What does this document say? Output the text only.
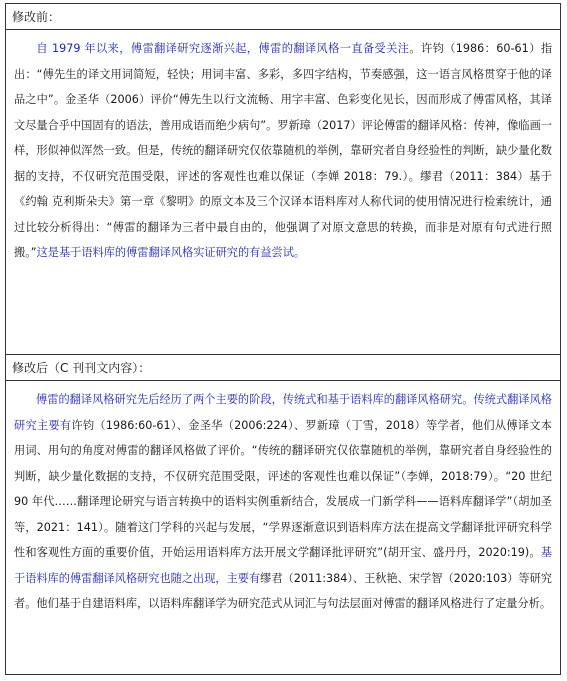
修改前：
自 1979 年以来，傅雷翻译研究逐渐兴起，傅雷的翻译风格一直备受关注。许钧（1986：60-61）指出：“傅先生的译文用词简短，轻快；用词丰富、多彩，多四字结构，节奏感强，这一语言风格贯穿于他的译品之中”。金圣华（2006）评价“傅先生以行文流畅、用字丰富、色彩变化见长，因而形成了傅雷风格，其译文尽量合乎中国固有的语法，善用成语而绝少病句”。罗新璋（2017）评论傅雷的翻译风格：传神，像临画一样，形似神似浑然一致。但是，传统的翻译研究仅依靠随机的举例，靠研究者自身经验性的判断，缺少量化数据的支持，不仅研究范围受限，评述的客观性也难以保证（李婵 2018：79.）。缪君（2011：384）基于《约翰 克利斯朵夫》第一章《黎明》的原文本及三个汉译本语料库对人称代词的使用情况进行检索统计，通过比较分析得出：“傅雷的翻译为三者中最自由的，他强调了对原文意思的转换，而非是对原有句式进行照搬。”这是基于语料库的傅雷翻译风格实证研究的有益尝试。
修改后（C 刊刊文内容）：
傅雷的翻译风格研究先后经历了两个主要的阶段，传统式和基于语料库的翻译风格研究。传统式翻译风格研究主要有许钧（1986:60-61）、金圣华（2006:224）、罗新璋（丁雪，2018）等学者，他们从傅译文本用词、用句的角度对傅雷的翻译风格做了评价。“传统的翻译研究仅依靠随机的举例，靠研究者自身经验性的判断，缺少量化数据的支持，不仅研究范围受限，评述的客观性也难以保证”（李婵，2018:79）。“20 世纪 90 年代……翻译理论研究与语言转换中的语料实例重新结合，发展成一门新学科——语料库翻译学”（胡加圣等，2021：141）。随着这门学科的兴起与发展，“学界逐渐意识到语料库方法在提高文学翻译批评研究科学性和客观性方面的重要价值，开始运用语料库方法开展文学翻译批评研究”(胡开宝、盛丹丹，2020:19)。基于语料库的傅雷翻译风格研究也随之出现，主要有缪君（2011:384）、王秋艳、宋学智（2020:103）等研究者。他们基于自建语料库，以语料库翻译学为研究范式从词汇与句法层面对傅雷的翻译风格进行了定量分析。
